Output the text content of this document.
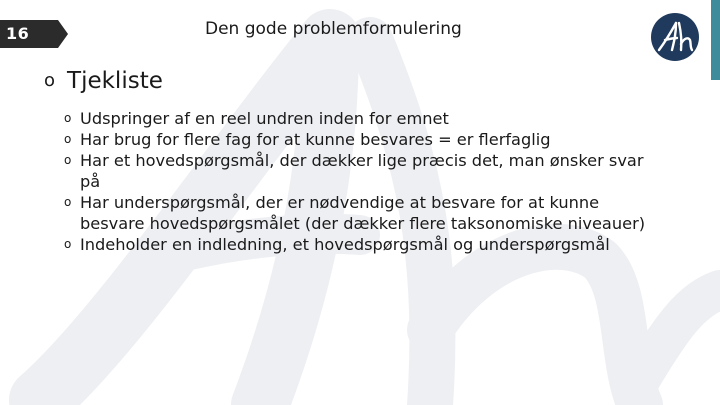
16	Den gode problemformulering
o Tjekliste
o Udspringer af en reel undren inden for emnet
o Har brug for flere fag for at kunne besvares = er flerfaglig
o Har et hovedspørgsmål, der dækker lige præcis det, man ønsker svar på
o Har underspørgsmål, der er nødvendige at besvare for at kunne besvare hovedspørgsmålet (der dækker flere taksonomiske niveauer)
o Indeholder en indledning, et hovedspørgsmål og underspørgsmål
